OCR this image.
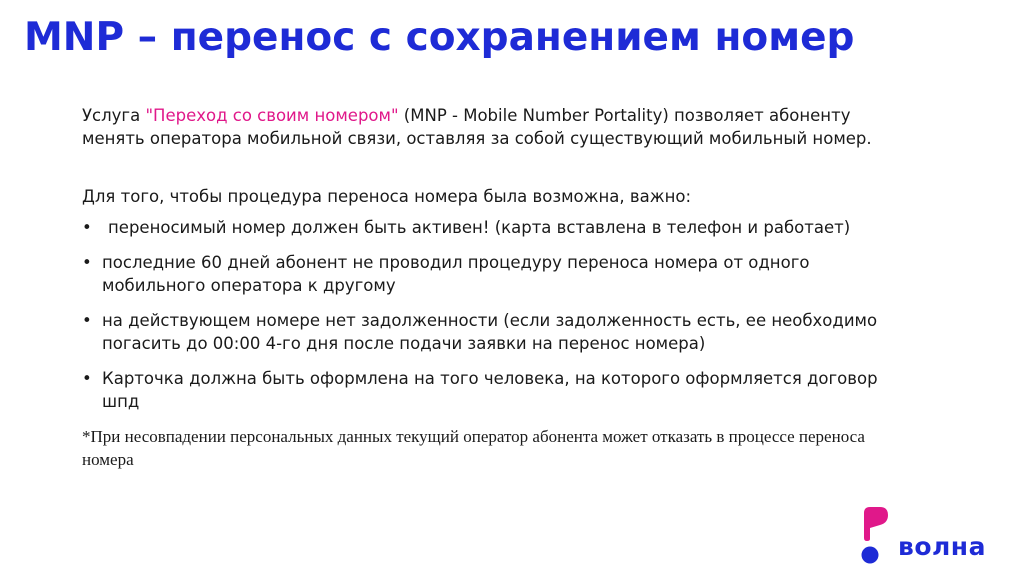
MNP – перенос с сохранением номер

Услуга "Переход со своим номером" (MNP - Mobile Number Portality) позволяет абоненту менять оператора мобильной связи, оставляя за собой существующий мобильный номер.

Для того, чтобы процедура переноса номера была возможна, важно:

• переносимый номер должен быть активен! (карта вставлена в телефон и работает)
• последние 60 дней абонент не проводил процедуру переноса номера от одного мобильного оператора к другому
• на действующем номере нет задолженности (если задолженность есть, ее необходимо погасить до 00:00 4-го дня после подачи заявки на перенос номера)
• Карточка должна быть оформлена на того человека, на которого оформляется договор шпд

*При несовпадении персональных данных текущий оператор абонента может отказать в процессе переноса номера

волна
